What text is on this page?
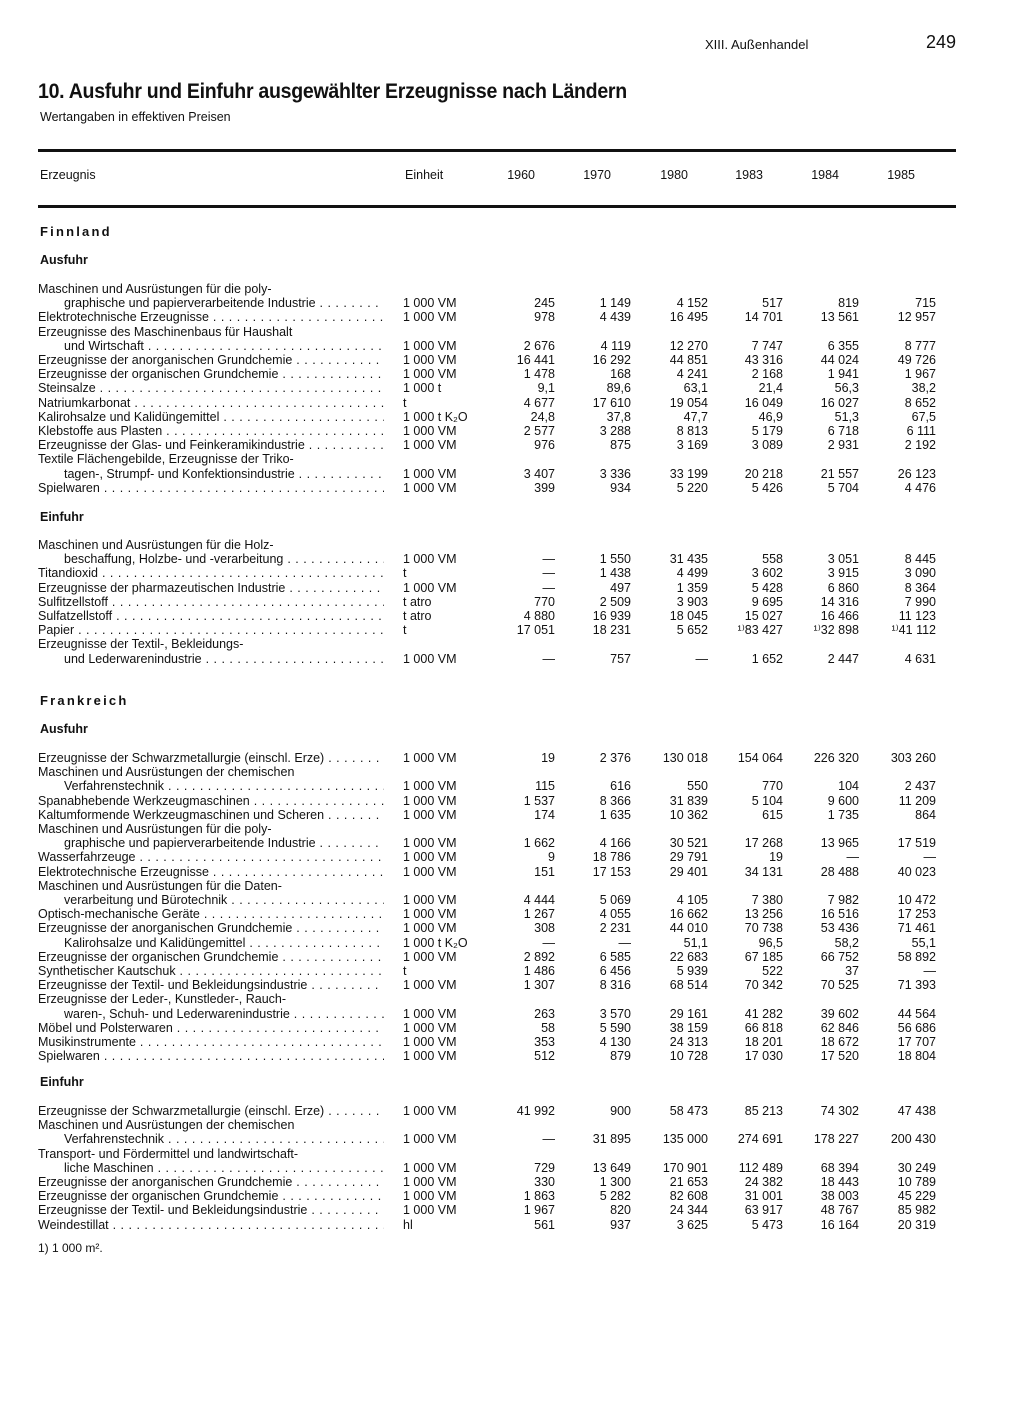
XIII. Außenhandel	249
10. Ausfuhr und Einfuhr ausgewählter Erzeugnisse nach Ländern
Wertangaben in effektiven Preisen
Erzeugnis	Einheit	1960	1970	1980	1983	1984	1985
Finnland
Ausfuhr
Maschinen und Ausrüstungen für die poly-
graphische und papierverarbeitende Industrie . . .	1 000 VM	245	1 149	4 152	517	819	715
Elektrotechnische Erzeugnisse . . .	1 000 VM	978	4 439	16 495	14 701	13 561	12 957
Erzeugnisse des Maschinenbaus für Haushalt
und Wirtschaft . . .	1 000 VM	2 676	4 119	12 270	7 747	6 355	8 777
Erzeugnisse der anorganischen Grundchemie . . .	1 000 VM	16 441	16 292	44 851	43 316	44 024	49 726
Erzeugnisse der organischen Grundchemie . . .	1 000 VM	1 478	168	4 241	2 168	1 941	1 967
Steinsalze . . .	1 000 t	9,1	89,6	63,1	21,4	56,3	38,2
Natriumkarbonat . . .	t	4 677	17 610	19 054	16 049	16 027	8 652
Kalirohsalze und Kalidüngemittel . . .	1 000 t K₂O	24,8	37,8	47,7	46,9	51,3	67,5
Klebstoffe aus Plasten . . .	1 000 VM	2 577	3 288	8 813	5 179	6 718	6 111
Erzeugnisse der Glas- und Feinkeramikindustrie . . .	1 000 VM	976	875	3 169	3 089	2 931	2 192
Textile Flächengebilde, Erzeugnisse der Triko-
tagen-, Strumpf- und Konfektionsindustrie . . .	1 000 VM	3 407	3 336	33 199	20 218	21 557	26 123
Spielwaren . . .	1 000 VM	399	934	5 220	5 426	5 704	4 476
Einfuhr
Maschinen und Ausrüstungen für die Holz-
beschaffung, Holzbe- und -verarbeitung . . .	1 000 VM	—	1 550	31 435	558	3 051	8 445
Titandioxid . . .	t	—	1 438	4 499	3 602	3 915	3 090
Erzeugnisse der pharmazeutischen Industrie . . .	1 000 VM	—	497	1 359	5 428	6 860	8 364
Sulfitzellstoff . . .	t atro	770	2 509	3 903	9 695	14 316	7 990
Sulfatzellstoff . . .	t atro	4 880	16 939	18 045	15 027	16 466	11 123
Papier . . .	t	17 051	18 231	5 652	¹⁾83 427	¹⁾32 898	¹⁾41 112
Erzeugnisse der Textil-, Bekleidungs-
und Lederwarenindustrie . . .	1 000 VM	—	757	—	1 652	2 447	4 631
Frankreich
Ausfuhr
Erzeugnisse der Schwarzmetallurgie (einschl. Erze) . . .	1 000 VM	19	2 376	130 018	154 064	226 320	303 260
Maschinen und Ausrüstungen der chemischen
Verfahrenstechnik . . .	1 000 VM	115	616	550	770	104	2 437
Spanabhebende Werkzeugmaschinen . . .	1 000 VM	1 537	8 366	31 839	5 104	9 600	11 209
Kaltumformende Werkzeugmaschinen und Scheren . . .	1 000 VM	174	1 635	10 362	615	1 735	864
Maschinen und Ausrüstungen für die poly-
graphische und papierverarbeitende Industrie . . .	1 000 VM	1 662	4 166	30 521	17 268	13 965	17 519
Wasserfahrzeuge . . .	1 000 VM	9	18 786	29 791	19	—	—
Elektrotechnische Erzeugnisse . . .	1 000 VM	151	17 153	29 401	34 131	28 488	40 023
Maschinen und Ausrüstungen für die Daten-
verarbeitung und Bürotechnik . . .	1 000 VM	4 444	5 069	4 105	7 380	7 982	10 472
Optisch-mechanische Geräte . . .	1 000 VM	1 267	4 055	16 662	13 256	16 516	17 253
Erzeugnisse der anorganischen Grundchemie . . .	1 000 VM	308	2 231	44 010	70 738	53 436	71 461
Kalirohsalze und Kalidüngemittel . . .	1 000 t K₂O	—	—	51,1	96,5	58,2	55,1
Erzeugnisse der organischen Grundchemie . . .	1 000 VM	2 892	6 585	22 683	67 185	66 752	58 892
Synthetischer Kautschuk . . .	t	1 486	6 456	5 939	522	37	—
Erzeugnisse der Textil- und Bekleidungsindustrie . . .	1 000 VM	1 307	8 316	68 514	70 342	70 525	71 393
Erzeugnisse der Leder-, Kunstleder-, Rauch-
waren-, Schuh- und Lederwarenindustrie . . .	1 000 VM	263	3 570	29 161	41 282	39 602	44 564
Möbel und Polsterwaren . . .	1 000 VM	58	5 590	38 159	66 818	62 846	56 686
Musikinstrumente . . .	1 000 VM	353	4 130	24 313	18 201	18 672	17 707
Spielwaren . . .	1 000 VM	512	879	10 728	17 030	17 520	18 804
Einfuhr
Erzeugnisse der Schwarzmetallurgie (einschl. Erze) . . .	1 000 VM	41 992	900	58 473	85 213	74 302	47 438
Maschinen und Ausrüstungen der chemischen
Verfahrenstechnik . . .	1 000 VM	—	31 895	135 000	274 691	178 227	200 430
Transport- und Fördermittel und landwirtschaft-
liche Maschinen . . .	1 000 VM	729	13 649	170 901	112 489	68 394	30 249
Erzeugnisse der anorganischen Grundchemie . . .	1 000 VM	330	1 300	21 653	24 382	18 443	10 789
Erzeugnisse der organischen Grundchemie . . .	1 000 VM	1 863	5 282	82 608	31 001	38 003	45 229
Erzeugnisse der Textil- und Bekleidungsindustrie . . .	1 000 VM	1 967	820	24 344	63 917	48 767	85 982
Weindestillat . . .	hl	561	937	3 625	5 473	16 164	20 319
1) 1 000 m².
